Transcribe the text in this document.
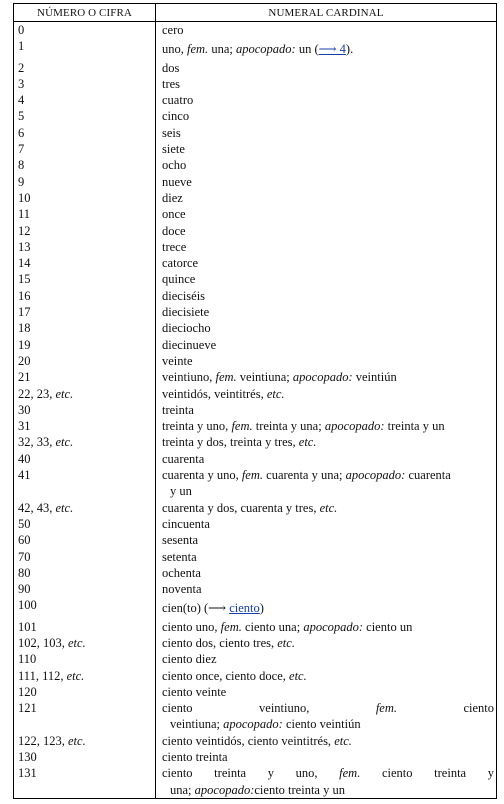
NÚMERO O CIFRA	NUMERAL CARDINAL
0	cero

1	uno, fem. una; apocopado: un (⟶ 4).

2	dos

3	tres

4	cuatro

5	cinco

6	seis

7	siete

8	ocho

9	nueve

10	diez

11	once

12	doce

13	trece

14	catorce

15	quince

16	dieciséis

17	diecisiete

18	dieciocho

19	diecinueve

20	veinte

21	veintiuno, fem. veintiuna; apocopado: veintiún

22, 23, etc.	veintidós, veintitrés, etc.

30	treinta

31	treinta y uno, fem. treinta y una; apocopado: treinta y un

32, 33, etc.	treinta y dos, treinta y tres, etc.

40	cuarenta

41	cuarenta y uno, fem. cuarenta y una; apocopado: cuarenta
y un

42, 43, etc.	cuarenta y dos, cuarenta y tres, etc.

50	cincuenta

60	sesenta

70	setenta

80	ochenta

90	noventa

100	cien(to) (⟶ ciento)

101	ciento uno, fem. ciento una; apocopado: ciento un

102, 103, etc.	ciento dos, ciento tres, etc.

110	ciento diez

111, 112, etc.	ciento once, ciento doce, etc.

120	ciento veinte

121	ciento veintiuno, fem. ciento
veintiuna; apocopado: ciento veintiún

122, 123, etc.	ciento veintidós, ciento veintitrés, etc.

130	ciento treinta

131	ciento treinta y uno, fem. ciento treinta y
una; apocopado:ciento treinta y un
